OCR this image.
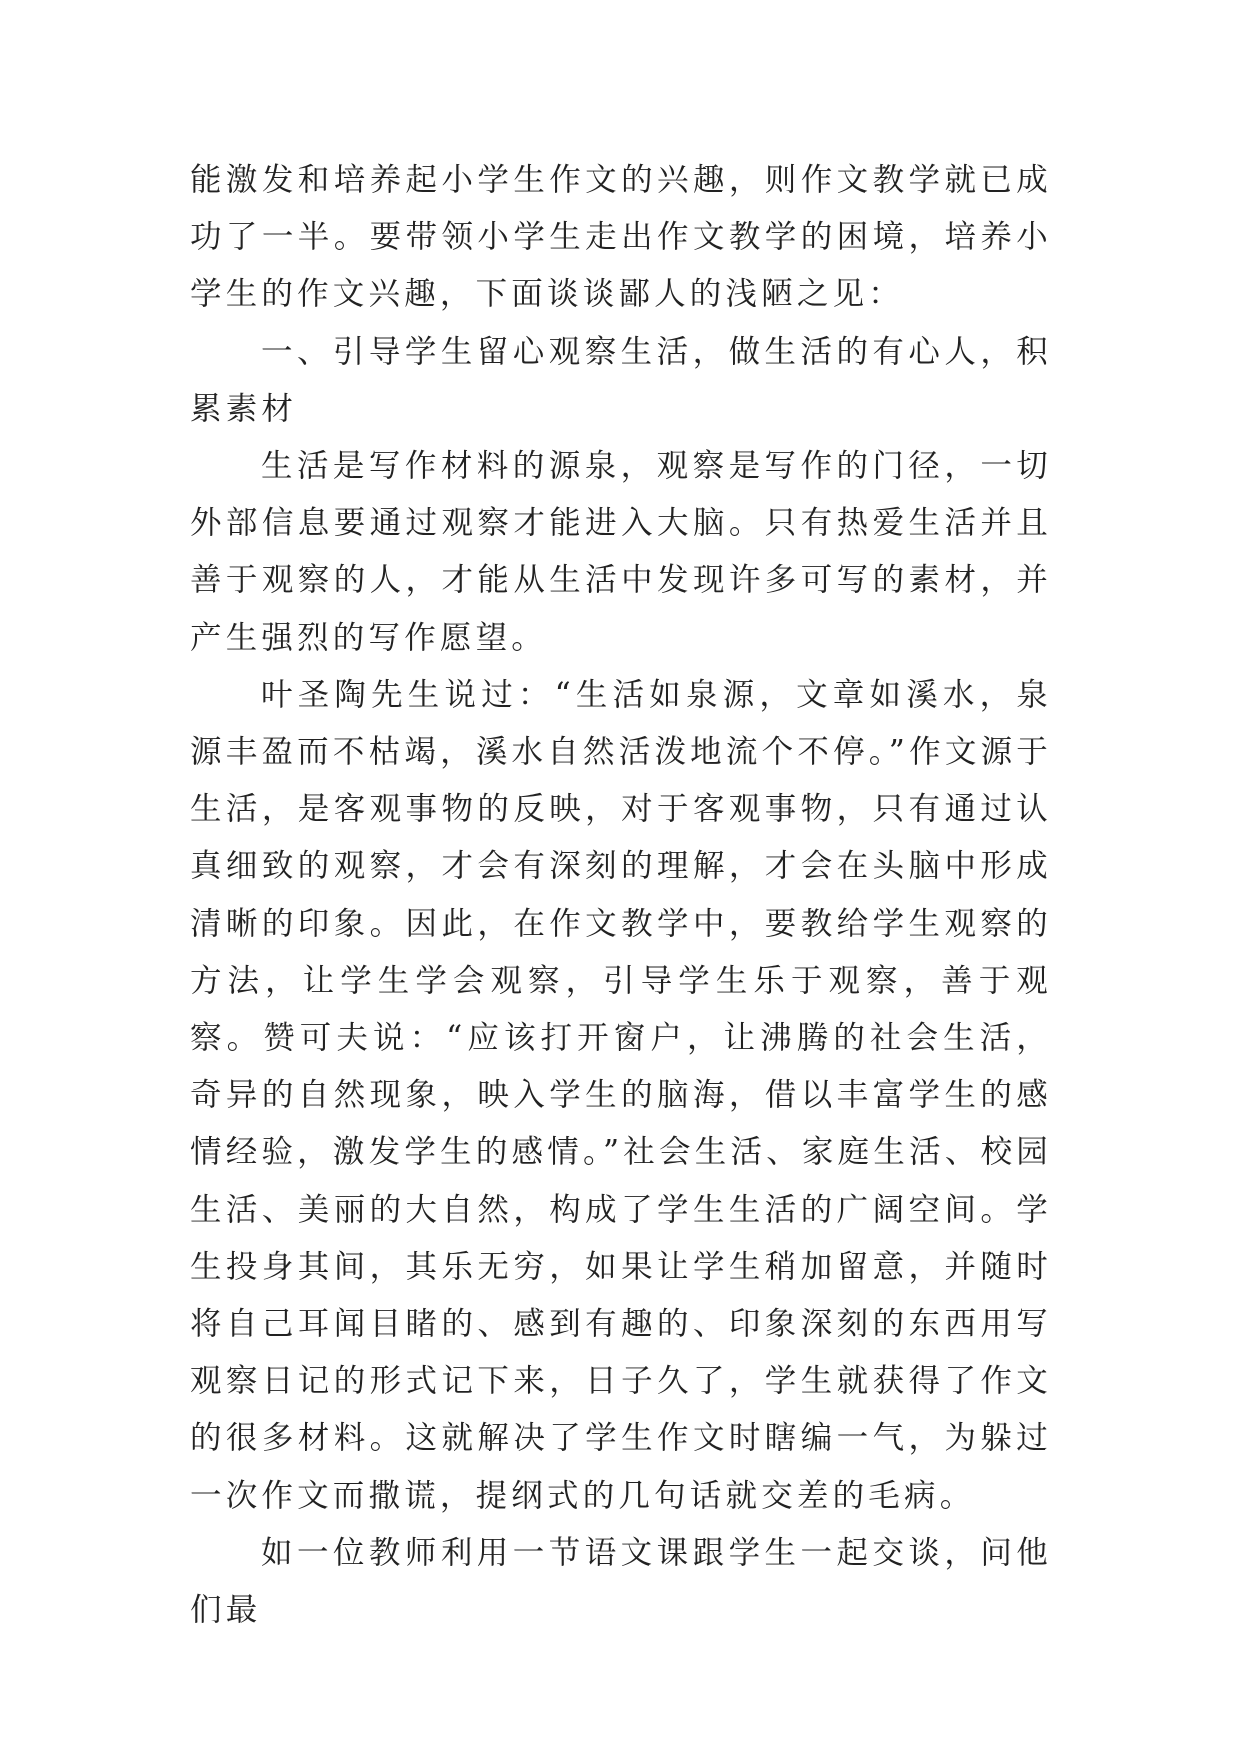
能激发和培养起小学生作文的兴趣，则作文教学就已成功了一半。要带领小学生走出作文教学的困境，培养小学生的作文兴趣，下面谈谈鄙人的浅陋之见：

一、引导学生留心观察生活，做生活的有心人，积累素材

生活是写作材料的源泉，观察是写作的门径，一切外部信息要通过观察才能进入大脑。只有热爱生活并且善于观察的人，才能从生活中发现许多可写的素材，并产生强烈的写作愿望。

叶圣陶先生说过：“生活如泉源，文章如溪水，泉源丰盈而不枯竭，溪水自然活泼地流个不停。”作文源于生活，是客观事物的反映，对于客观事物，只有通过认真细致的观察，才会有深刻的理解，才会在头脑中形成清晰的印象。因此，在作文教学中，要教给学生观察的方法，让学生学会观察，引导学生乐于观察，善于观察。赞可夫说：“应该打开窗户，让沸腾的社会生活，奇异的自然现象，映入学生的脑海，借以丰富学生的感情经验，激发学生的感情。”社会生活、家庭生活、校园生活、美丽的大自然，构成了学生生活的广阔空间。学生投身其间，其乐无穷，如果让学生稍加留意，并随时将自己耳闻目睹的、感到有趣的、印象深刻的东西用写观察日记的形式记下来，日子久了，学生就获得了作文的很多材料。这就解决了学生作文时瞎编一气，为躲过一次作文而撒谎，提纲式的几句话就交差的毛病。

如一位教师利用一节语文课跟学生一起交谈，问他们最
